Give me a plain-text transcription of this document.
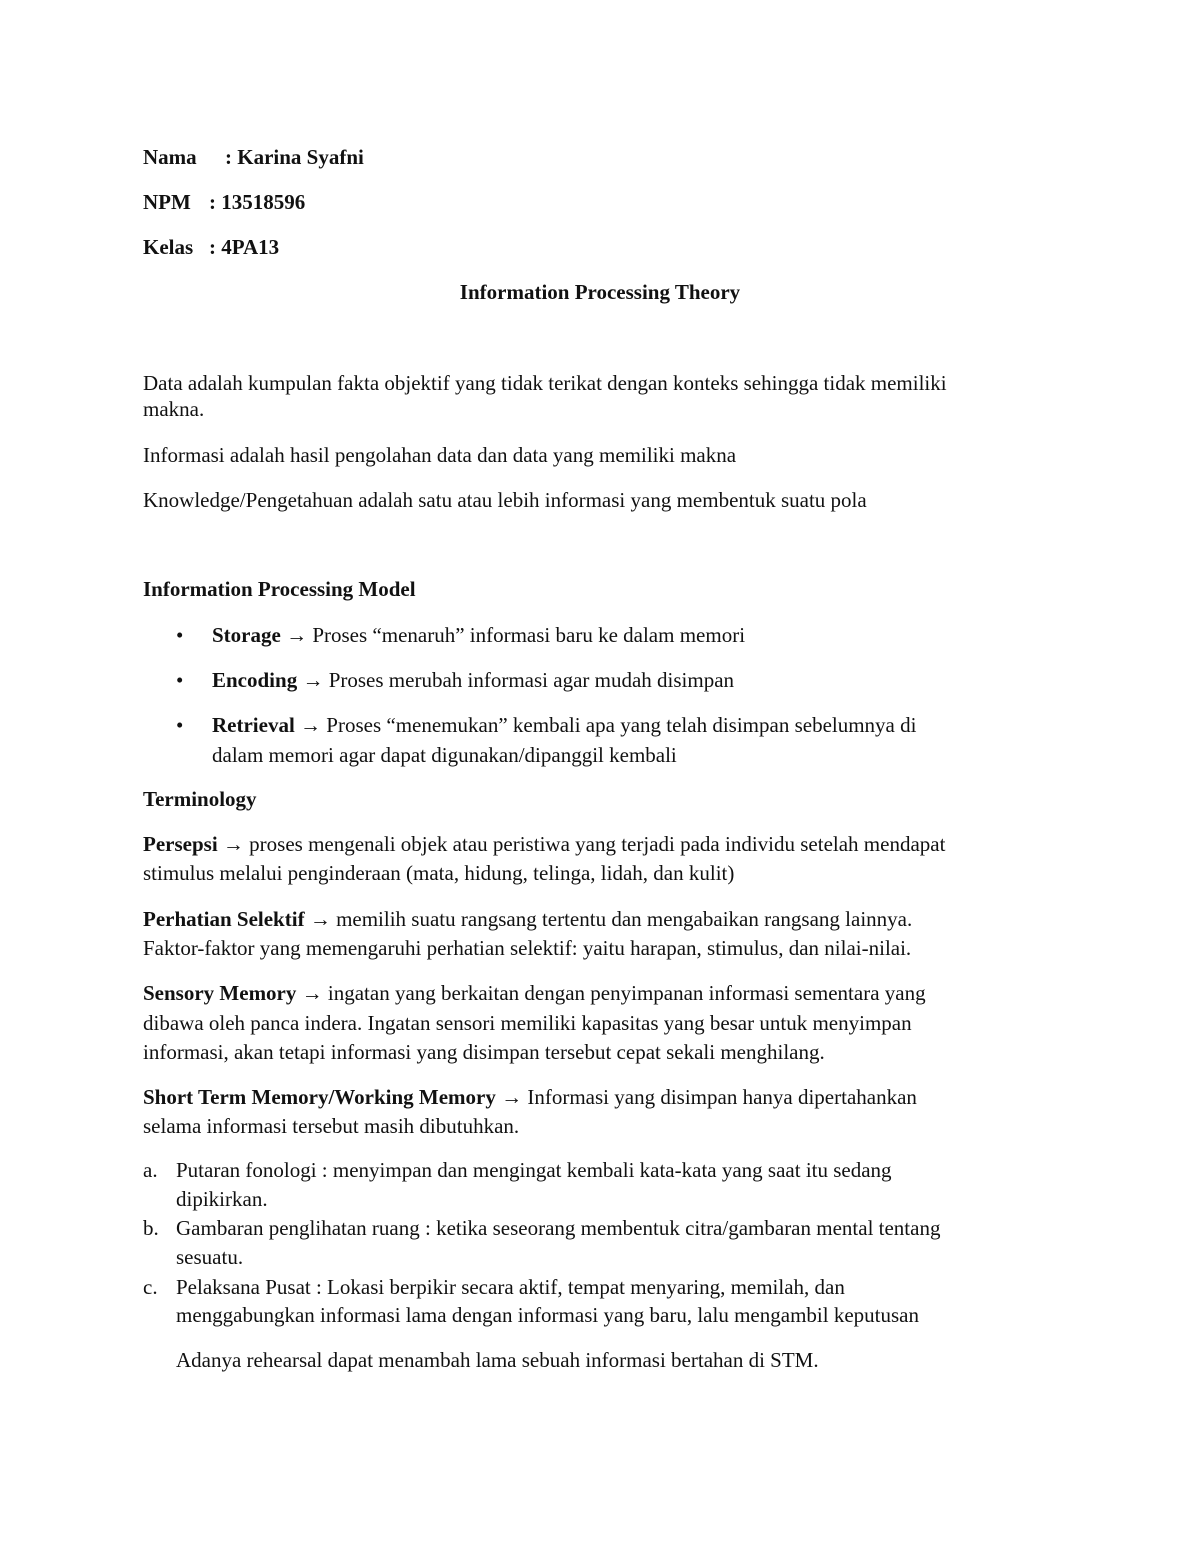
Nama : Karina Syafni
NPM : 13518596
Kelas : 4PA13
Information Processing Theory
Data adalah kumpulan fakta objektif yang tidak terikat dengan konteks sehingga tidak memiliki
makna.
Informasi adalah hasil pengolahan data dan data yang memiliki makna
Knowledge/Pengetahuan adalah satu atau lebih informasi yang membentuk suatu pola
Information Processing Model
• Storage → Proses “menaruh” informasi baru ke dalam memori
• Encoding → Proses merubah informasi agar mudah disimpan
• Retrieval → Proses “menemukan” kembali apa yang telah disimpan sebelumnya di
dalam memori agar dapat digunakan/dipanggil kembali
Terminology
Persepsi → proses mengenali objek atau peristiwa yang terjadi pada individu setelah mendapat
stimulus melalui penginderaan (mata, hidung, telinga, lidah, dan kulit)
Perhatian Selektif → memilih suatu rangsang tertentu dan mengabaikan rangsang lainnya.
Faktor-faktor yang memengaruhi perhatian selektif: yaitu harapan, stimulus, dan nilai-nilai.
Sensory Memory → ingatan yang berkaitan dengan penyimpanan informasi sementara yang
dibawa oleh panca indera. Ingatan sensori memiliki kapasitas yang besar untuk menyimpan
informasi, akan tetapi informasi yang disimpan tersebut cepat sekali menghilang.
Short Term Memory/Working Memory → Informasi yang disimpan hanya dipertahankan
selama informasi tersebut masih dibutuhkan.
a. Putaran fonologi : menyimpan dan mengingat kembali kata-kata yang saat itu sedang
dipikirkan.
b. Gambaran penglihatan ruang : ketika seseorang membentuk citra/gambaran mental tentang
sesuatu.
c. Pelaksana Pusat : Lokasi berpikir secara aktif, tempat menyaring, memilah, dan
menggabungkan informasi lama dengan informasi yang baru, lalu mengambil keputusan
Adanya rehearsal dapat menambah lama sebuah informasi bertahan di STM.
